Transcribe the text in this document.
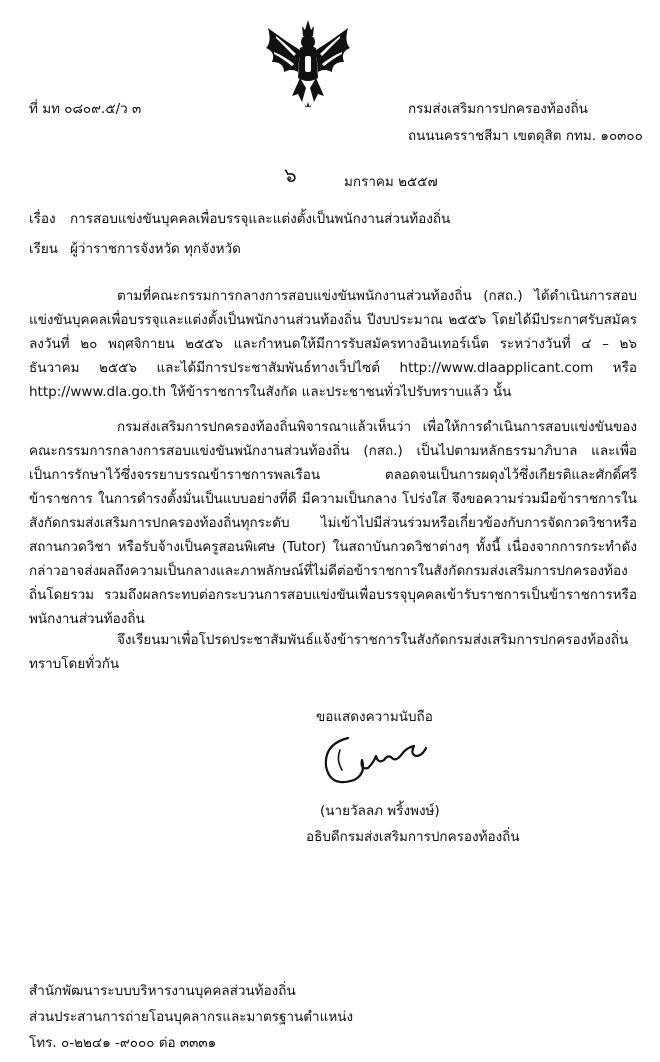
ที่ มท ๐๘๐๙.๕/ว ๓	กรมส่งเสริมการปกครองท้องถิ่น
ถนนนครราชสีมา เขตดุสิต กทม. ๑๐๓๐๐
๖	มกราคม ๒๕๕๗
เรื่อง การสอบแข่งขันบุคคลเพื่อบรรจุและแต่งตั้งเป็นพนักงานส่วนท้องถิ่น
เรียน ผู้ว่าราชการจังหวัด ทุกจังหวัด

ตามที่คณะกรรมการกลางการสอบแข่งขันพนักงานส่วนท้องถิ่น (กสถ.) ได้ดำเนินการสอบแข่งขันบุคคลเพื่อบรรจุและแต่งตั้งเป็นพนักงานส่วนท้องถิ่น ปีงบประมาณ ๒๕๕๖ โดยได้มีประกาศรับสมัคร ลงวันที่ ๒๐ พฤศจิกายน ๒๕๕๖ และกำหนดให้มีการรับสมัครทางอินเทอร์เน็ต ระหว่างวันที่ ๔ – ๒๖ ธันวาคม ๒๕๕๖ และได้มีการประชาสัมพันธ์ทางเว็ปไซต์ http://www.dlaapplicant.com หรือ http://www.dla.go.th ให้ข้าราชการในสังกัด และประชาชนทั่วไปรับทราบแล้ว นั้น

กรมส่งเสริมการปกครองท้องถิ่นพิจารณาแล้วเห็นว่า เพื่อให้การดำเนินการสอบแข่งขันของคณะกรรมการกลางการสอบแข่งขันพนักงานส่วนท้องถิ่น (กสถ.) เป็นไปตามหลักธรรมาภิบาล และเพื่อเป็นการรักษาไว้ซึ่งจรรยาบรรณข้าราชการพลเรือน ตลอดจนเป็นการผดุงไว้ซึ่งเกียรติและศักดิ์ศรีข้าราชการ ในการดำรงตั้งมั่นเป็นแบบอย่างที่ดี มีความเป็นกลาง โปร่งใส จึงขอความร่วมมือข้าราชการในสังกัดกรมส่งเสริมการปกครองท้องถิ่นทุกระดับ ไม่เข้าไปมีส่วนร่วมหรือเกี่ยวข้องกับการจัดกวดวิชาหรือสถานกวดวิชา หรือรับจ้างเป็นครูสอนพิเศษ (Tutor) ในสถาบันกวดวิชาต่างๆ ทั้งนี้ เนื่องจากการกระทำดังกล่าวอาจส่งผลถึงความเป็นกลางและภาพลักษณ์ที่ไม่ดีต่อข้าราชการในสังกัดกรมส่งเสริมการปกครองท้องถิ่นโดยรวม รวมถึงผลกระทบต่อกระบวนการสอบแข่งขันเพื่อบรรจุบุคคลเข้ารับราชการเป็นข้าราชการหรือพนักงานส่วนท้องถิ่น

จึงเรียนมาเพื่อโปรดประชาสัมพันธ์แจ้งข้าราชการในสังกัดกรมส่งเสริมการปกครองท้องถิ่นทราบโดยทั่วกัน

ขอแสดงความนับถือ
(นายวัลลภ พริ้งพงษ์)
อธิบดีกรมส่งเสริมการปกครองท้องถิ่น
สำนักพัฒนาระบบบริหารงานบุคคลส่วนท้องถิ่น
ส่วนประสานการถ่ายโอนบุคลากรและมาตรฐานตำแหน่ง
โทร. ๐-๒๒๔๑ -๙๐๐๐ ต่อ ๓๓๓๑
